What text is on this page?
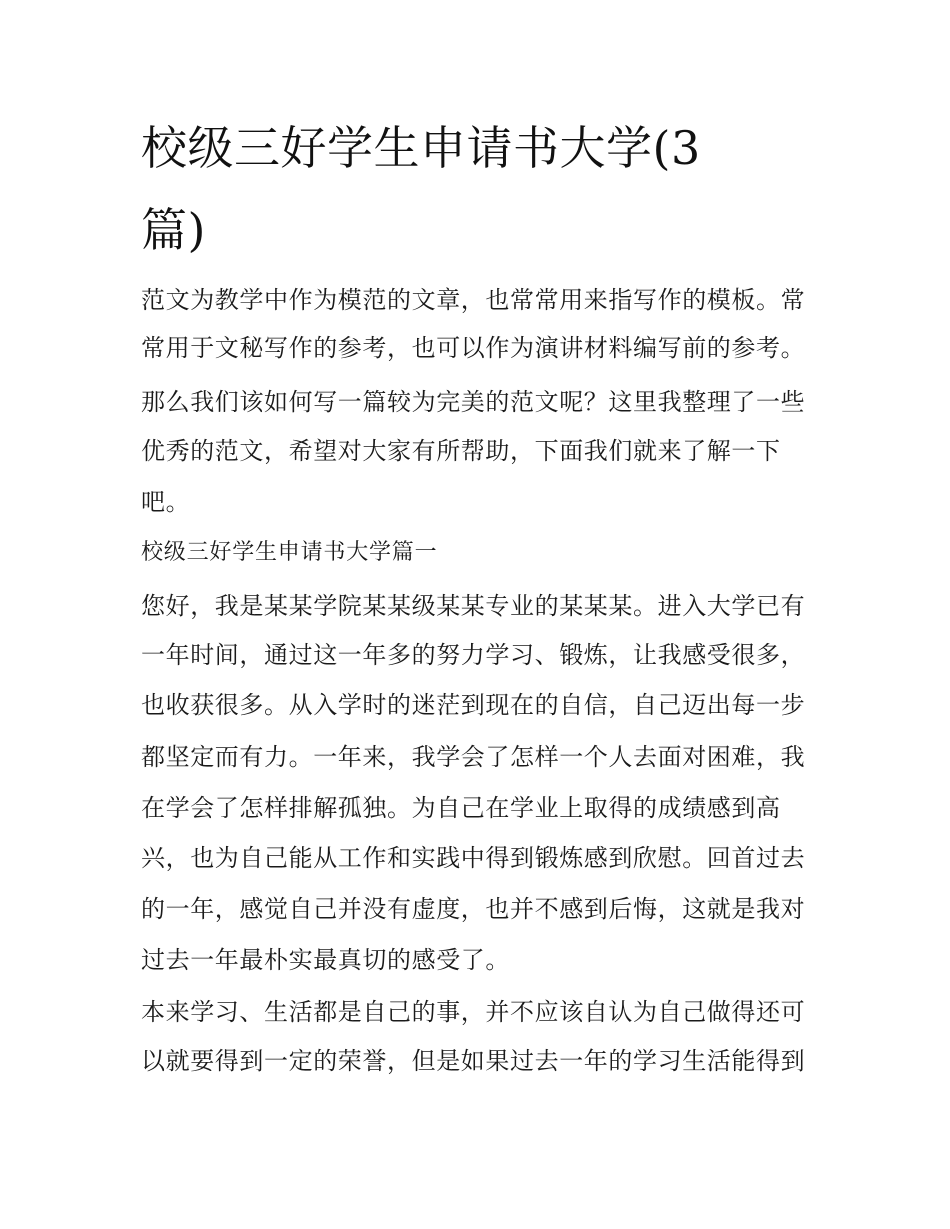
校级三好学生申请书大学(3
篇)
范文为教学中作为模范的文章，也常常用来指写作的模板。常
常用于文秘写作的参考，也可以作为演讲材料编写前的参考。
那么我们该如何写一篇较为完美的范文呢？这里我整理了一些
优秀的范文，希望对大家有所帮助，下面我们就来了解一下
吧。
校级三好学生申请书大学篇一
您好，我是某某学院某某级某某专业的某某某。进入大学已有
一年时间，通过这一年多的努力学习、锻炼，让我感受很多，
也收获很多。从入学时的迷茫到现在的自信，自己迈出每一步
都坚定而有力。一年来，我学会了怎样一个人去面对困难，我
在学会了怎样排解孤独。为自己在学业上取得的成绩感到高
兴，也为自己能从工作和实践中得到锻炼感到欣慰。回首过去
的一年，感觉自己并没有虚度，也并不感到后悔，这就是我对
过去一年最朴实最真切的感受了。
本来学习、生活都是自己的事，并不应该自认为自己做得还可
以就要得到一定的荣誉，但是如果过去一年的学习生活能得到
